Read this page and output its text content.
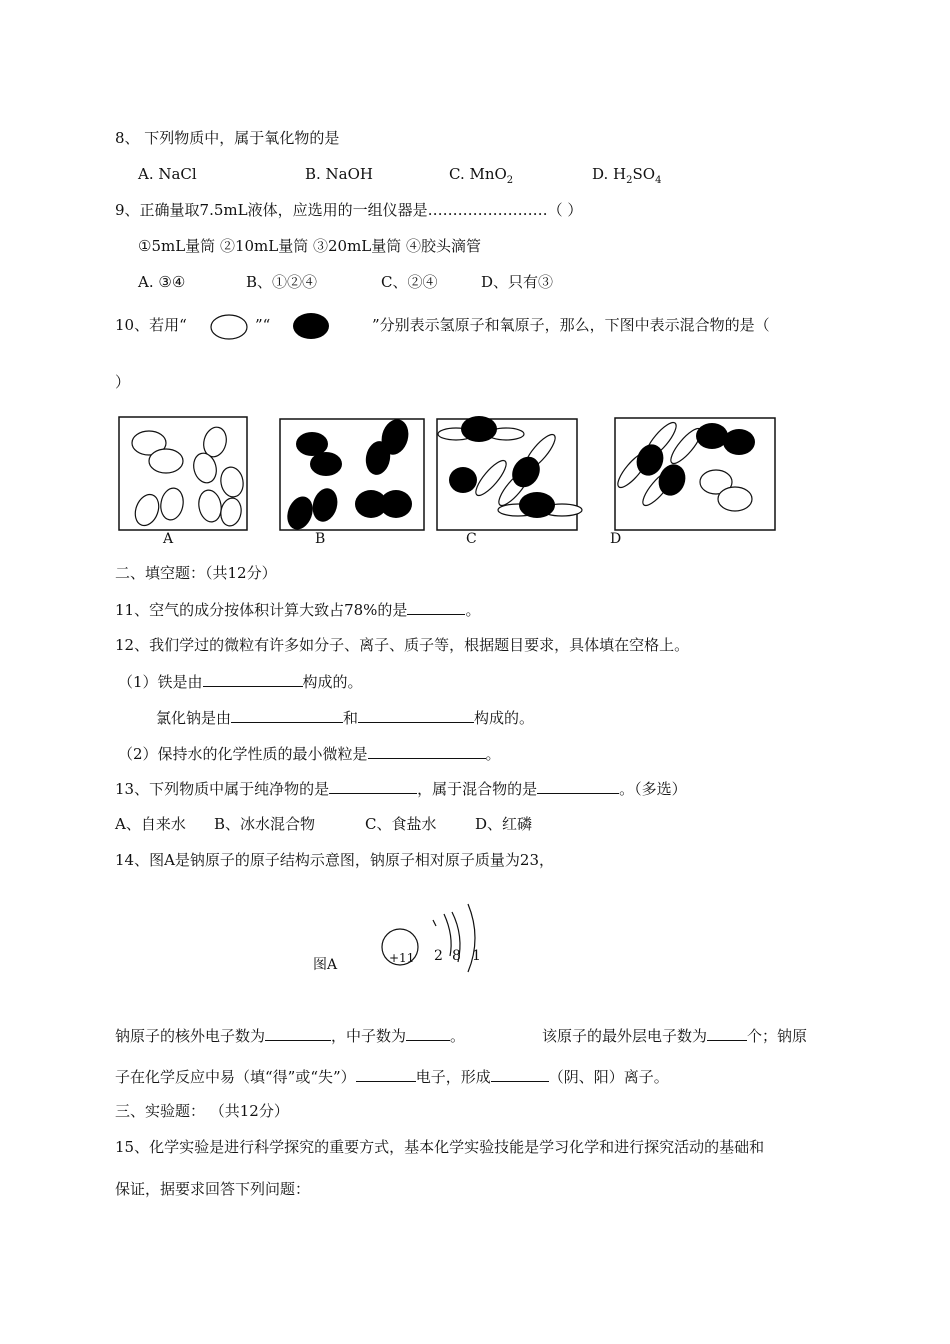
8、 下列物质中，属于氧化物的是
A. NaCl	B. NaOH	C. MnO$_2$	D. $H_2SO_4$
9、正确量取7.5mL液体，应选用的一组仪器是……………………（ ）
①5mL量筒 ②10mL量筒 ③20mL量筒 ④胶头滴管
A. ③④	B、①②④	C、②④	D、只有③
10、若用“	”“	”分别表示氢原子和氧原子，那么，下图中表示混合物的是（
）
A	B	C	D
二、填空题：（共12分）
11、空气的成分按体积计算大致占78%的是	。
12、我们学过的微粒有许多如分子、离子、质子等，根据题目要求，具体填在空格上。
（1）铁是由	构成的。
氯化钠是由	和	构成的。
（2）保持水的化学性质的最小微粒是	。
13、下列物质中属于纯净物的是	，属于混合物的是	。（多选）
A、自来水 B、冰水混合物	C、食盐水	D、红磷
14、图A是钠原子的原子结构示意图，钠原子相对原子质量为23，
图A	+11 2 8 1
钠原子的核外电子数为	，中子数为	。	该原子的最外层电子数为	个；钠原
子在化学反应中易（填“得”或“失”）	电子，形成	（阴、阳）离子。
三、实验题： （共12分）
15、化学实验是进行科学探究的重要方式，基本化学实验技能是学习化学和进行探究活动的基础和
保证，据要求回答下列问题：
